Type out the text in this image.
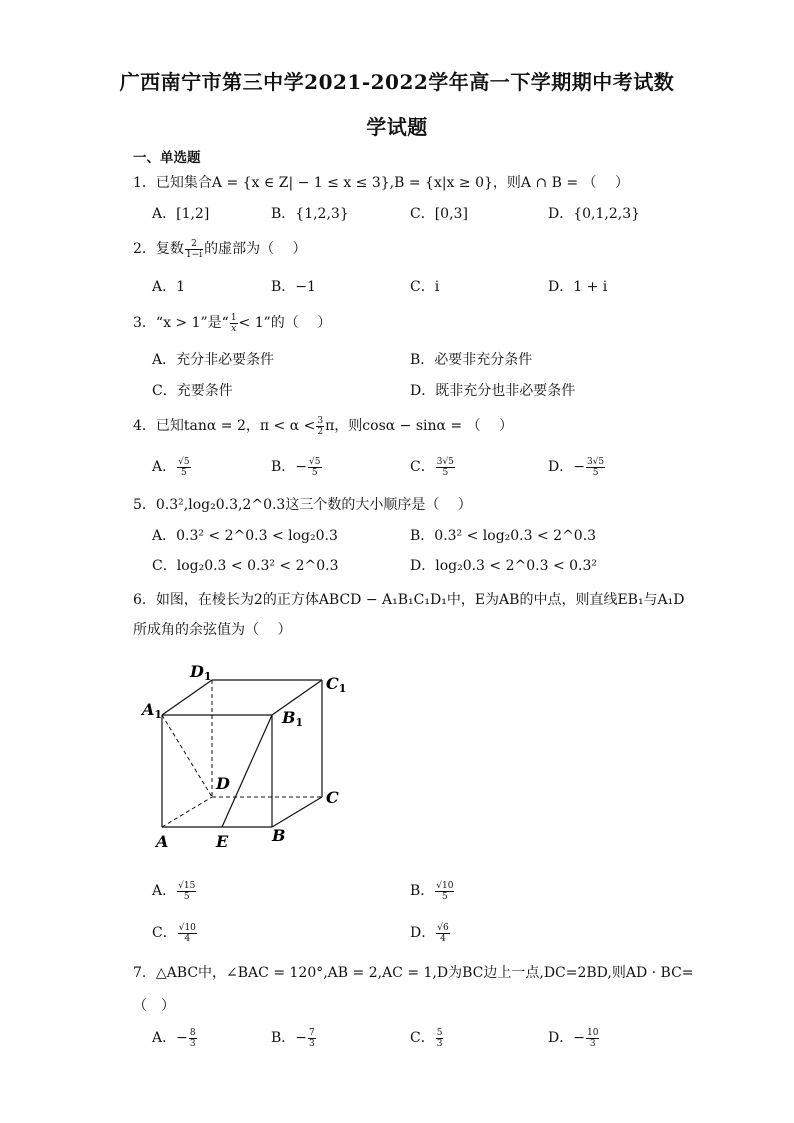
广西南宁市第三中学2021-2022学年高一下学期期中考试数
学试题
一、单选题
1．已知集合A = {x ∈ Z| − 1 ≤ x ≤ 3},B = {x|x ≥ 0}，则A ∩ B = （　 ）
A．[1,2]	B．{1,2,3}	C．[0,3]	D．{0,1,2,3}
2．复数 $\frac{2}{1-i}$ 的虚部为（　 ）
A．1	B．−1	C．i	D．1 + i
3．“x > 1”是“ $\frac{1}{x} < 1$”的（　 ）
A．充分非必要条件	B．必要非充分条件
C．充要条件	D．既非充分也非必要条件
4．已知tanα = 2，$\pi < \alpha < \frac{3}{2}$ π，则cosα − sinα = （　 ）
A． $\frac{√5}{5}$	B．− $\frac{√5}{5}$	C． $\frac{3√5}{5}$	D．− $\frac{3√5}{5}$
5．0.3²,log₂0.3,2^0.3这三个数的大小顺序是（　 ）
A．0.3² < 2^0.3 < log₂0.3	B．0.3² < log₂0.3 < 2^0.3
C．log₂0.3 < 0.3² < 2^0.3	D．log₂0.3 < 2^0.3 < 0.3²
6．如图，在棱长为2的正方体ABCD − A₁B₁C₁D₁中，E为AB的中点，则直线EB₁与A₁D
所成角的余弦值为（　 ）
D1	C1
A1	B1
D
C
A	E	B
A． $\frac{√15}{5}$	B． $\frac{√10}{5}$
C． $\frac{√10}{4}$	D． $\frac{√6}{4}$
7．△ABC中，∠BAC = 120°,AB = 2,AC = 1,D为BC边上一点,DC=2BD,则AD · BC=
（　）
A．− $\frac{8}{3}$	B．− $\frac{7}{3}$	C． $\frac{5}{3}$	D．− $\frac{10}{3}$
